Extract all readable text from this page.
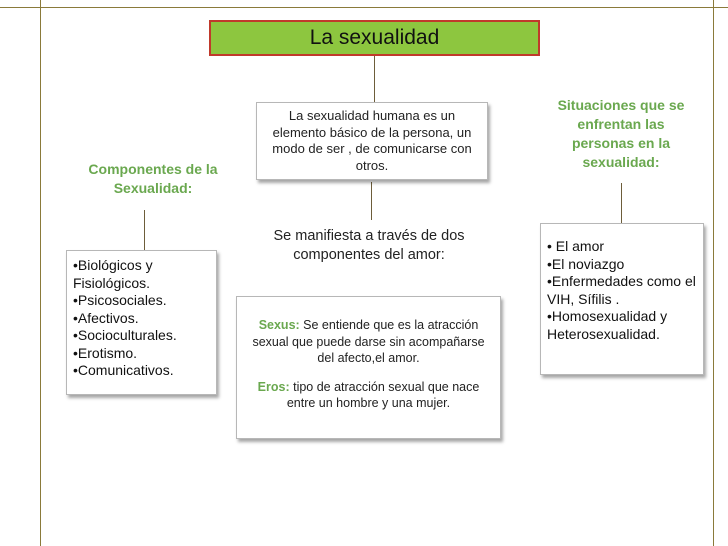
La sexualidad
La sexualidad humana es un elemento básico de la persona, un modo de ser , de comunicarse con otros.
Componentes de la Sexualidad:
•Biológicos y Fisiológicos.
•Psicosociales.
•Afectivos.
•Socioculturales.
•Erotismo.
•Comunicativos.
Se manifiesta a través de dos componentes del amor:
Sexus: Se entiende que es la atracción sexual que puede darse sin acompañarse del afecto,el amor.
Eros: tipo de atracción sexual que nace entre un hombre y una mujer.
Situaciones que se enfrentan las personas en la sexualidad:
• El amor
•El noviazgo
•Enfermedades como el VIH, Sífilis .
•Homosexualidad y Heterosexualidad.
